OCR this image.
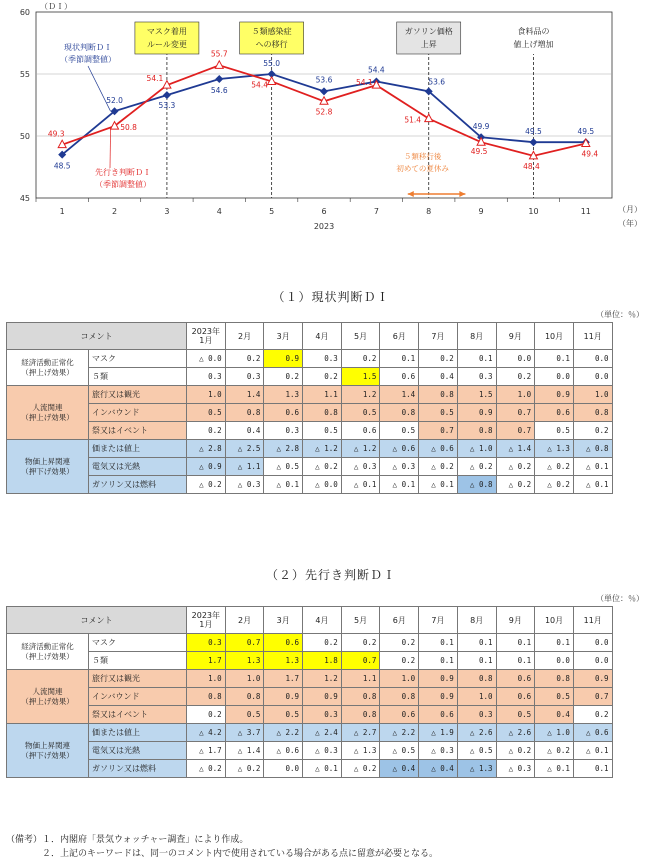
45
50
55
60
（ＤＩ）
1	2	3	4	5	6	7	8	9	10	11
2023
（月）
（年）
マスク着用
ルール変更
５類感染症
への移行
ガソリン価格
上昇
食料品の
値上げ増加
５類移行後
初めての夏休み
48.5
52.0
53.3
54.6
55.0
53.6
54.4
53.6
49.9
49.5	49.5
49.3
50.8
54.1
55.7
54.4
52.8
54.1
51.4
49.5
48.4
49.4
現状判断ＤＩ
（季節調整値）
先行き判断ＤＩ
（季節調整値）
（１）現状判断ＤＩ
（単位：％）
コメント		2023年
1月	2月	3月	4月	5月	6月	7月	8月	9月	10月	11月
経済活動正常化
（押上げ効果）	マスク	△ 0.0	0.2	0.9	0.3	0.2	0.1	0.2	0.1	0.0	0.1	0.0
	５類	0.3	0.3	0.2	0.2	1.5	0.6	0.4	0.3	0.2	0.0	0.0
人流関連
（押上げ効果）	旅行又は観光	1.0	1.4	1.3	1.1	1.2	1.4	0.8	1.5	1.0	0.9	1.0
	インバウンド	0.5	0.8	0.6	0.8	0.5	0.8	0.5	0.9	0.7	0.6	0.8
	祭又はイベント	0.2	0.4	0.3	0.5	0.6	0.5	0.7	0.8	0.7	0.5	0.2
物価上昇関連
（押下げ効果）	価または値上	△ 2.8	△ 2.5	△ 2.8	△ 1.2	△ 1.2	△ 0.6	△ 0.6	△ 1.0	△ 1.4	△ 1.3	△ 0.8
	電気又は光熱	△ 0.9	△ 1.1	△ 0.5	△ 0.2	△ 0.3	△ 0.3	△ 0.2	△ 0.2	△ 0.2	△ 0.2	△ 0.1
	ガソリン又は燃料	△ 0.2	△ 0.3	△ 0.1	△ 0.0	△ 0.1	△ 0.1	△ 0.1	△ 0.8	△ 0.2	△ 0.2	△ 0.1
（２）先行き判断ＤＩ
（単位：％）
コメント		2023年
1月	2月	3月	4月	5月	6月	7月	8月	9月	10月	11月
経済活動正常化
（押上げ効果）	マスク	0.3	0.7	0.6	0.2	0.2	0.2	0.1	0.1	0.1	0.1	0.0
	５類	1.7	1.3	1.3	1.8	0.7	0.2	0.1	0.1	0.1	0.0	0.0
人流関連
（押上げ効果）	旅行又は観光	1.0	1.0	1.7	1.2	1.1	1.0	0.9	0.8	0.6	0.8	0.9
	インバウンド	0.8	0.8	0.9	0.9	0.8	0.8	0.9	1.0	0.6	0.5	0.7
	祭又はイベント	0.2	0.5	0.5	0.3	0.8	0.6	0.6	0.3	0.5	0.4	0.2
物価上昇関連
（押下げ効果）	価または値上	△ 4.2	△ 3.7	△ 2.2	△ 2.4	△ 2.7	△ 2.2	△ 1.9	△ 2.6	△ 2.6	△ 1.0	△ 0.6
	電気又は光熱	△ 1.7	△ 1.4	△ 0.6	△ 0.3	△ 1.3	△ 0.5	△ 0.3	△ 0.5	△ 0.2	△ 0.2	△ 0.1
	ガソリン又は燃料	△ 0.2	△ 0.2	0.0	△ 0.1	△ 0.2	△ 0.4	△ 0.4	△ 1.3	△ 0.3	△ 0.1	0.1
（備考）１．内閣府「景気ウォッチャー調査」により作成。
　　　　２．上記のキーワードは、同一のコメント内で使用されている場合がある点に留意が必要となる。
